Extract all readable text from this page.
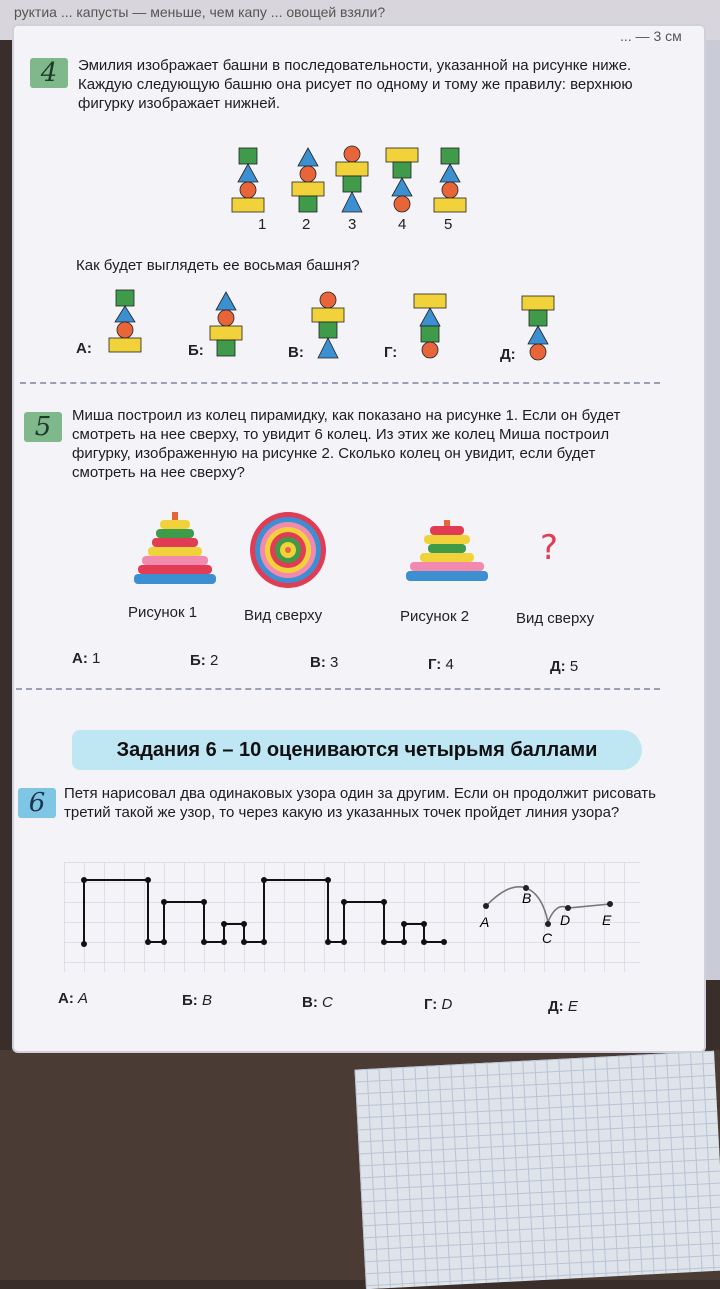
руктиа ... капусты — меньше, чем капу ... овощей взяли?
... — 3 см
4	Эмилия изображает башни в последовательности, указанной на рисунке ниже. Каждую следующую башню она рисует по одному и тому же правилу: верхнюю фигурку изображает нижней.
1 2	3	4	5
Как будет выглядеть ее восьмая башня?
А:	Б:	В:	Г:	Д:
5	Миша построил из колец пирамидку, как показано на рисунке 1. Если он будет смотреть на нее сверху, то увидит 6 колец. Из этих же колец Миша построил фигурку, изображенную на рисунке 2. Сколько колец он увидит, если будет смотреть на нее сверху?
?
Рисунок 1	Вид сверху	Рисунок 2	Вид сверху
А: 1	Б: 2	В: 3	Г: 4	Д: 5
Задания 6 – 10 оцениваются четырьмя баллами
6	Петя нарисовал два одинаковых узора один за другим. Если он продолжит рисовать третий такой же узор, то через какую из указанных точек пройдет линия узора?
A
B
C
D E
А: A	Б: B	В: C	Г: D	Д: E
